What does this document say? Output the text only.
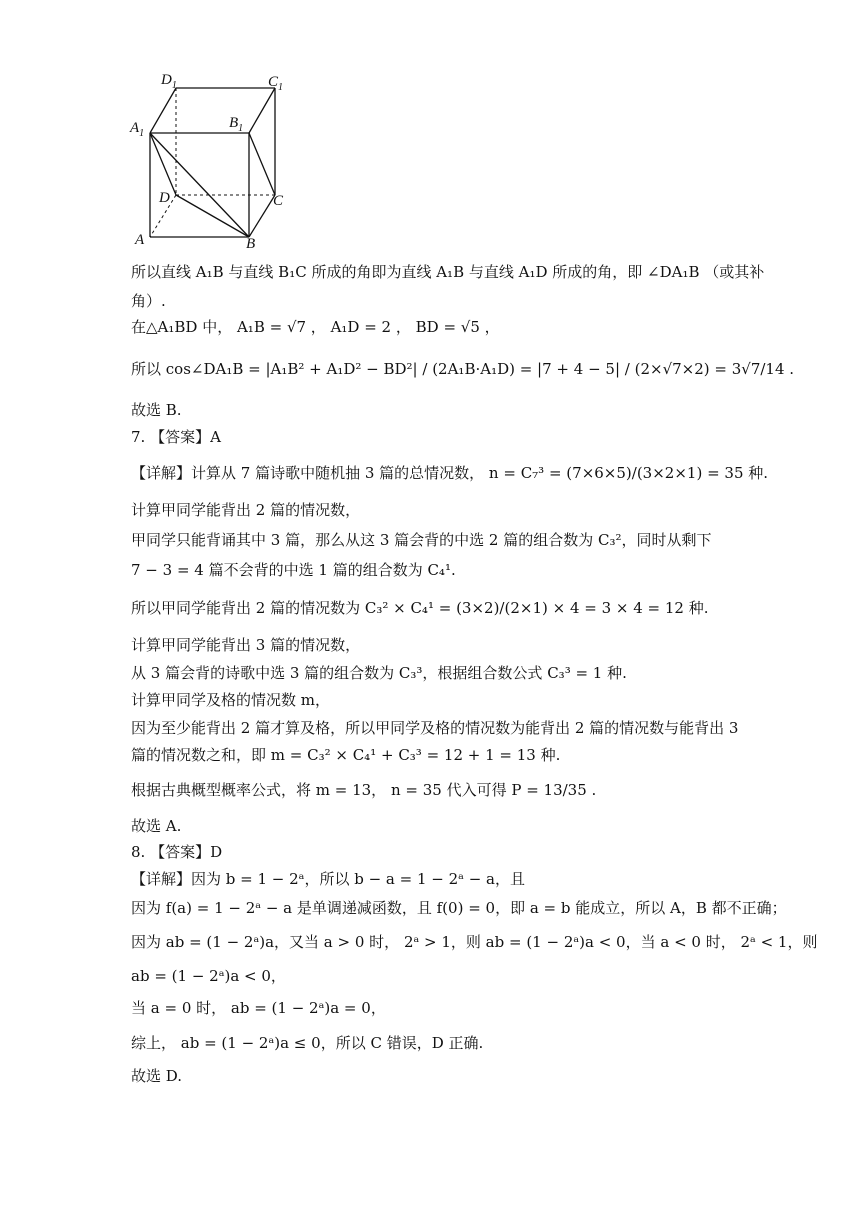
$D_1$	$C_1$
$A_1$
$B_1$
D	C
A	B
所以直线 A₁B 与直线 B₁C 所成的角即为直线 A₁B 与直线 A₁D 所成的角，即 ∠DA₁B （或其补
角）.
在△A₁BD 中， A₁B = √7 ， A₁D = 2 ， BD = √5 ，
所以 cos∠DA₁B = |A₁B² + A₁D² − BD²| / (2A₁B·A₁D) = |7 + 4 − 5| / (2×√7×2) = 3√7/14 .
故选 B.
7. 【答案】A
【详解】计算从 7 篇诗歌中随机抽 3 篇的总情况数， n = C₇³ = (7×6×5)/(3×2×1) = 35 种.
计算甲同学能背出 2 篇的情况数，
甲同学只能背诵其中 3 篇，那么从这 3 篇会背的中选 2 篇的组合数为 C₃²，同时从剩下
7 − 3 = 4 篇不会背的中选 1 篇的组合数为 C₄¹.
所以甲同学能背出 2 篇的情况数为 C₃² × C₄¹ = (3×2)/(2×1) × 4 = 3 × 4 = 12 种.
计算甲同学能背出 3 篇的情况数，
从 3 篇会背的诗歌中选 3 篇的组合数为 C₃³，根据组合数公式 C₃³ = 1 种.
计算甲同学及格的情况数 m，
因为至少能背出 2 篇才算及格，所以甲同学及格的情况数为能背出 2 篇的情况数与能背出 3
篇的情况数之和，即 m = C₃² × C₄¹ + C₃³ = 12 + 1 = 13 种.
根据古典概型概率公式，将 m = 13， n = 35 代入可得 P = 13/35 .
故选 A.
8. 【答案】D
【详解】因为 b = 1 − 2ᵃ，所以 b − a = 1 − 2ᵃ − a，且
因为 f(a) = 1 − 2ᵃ − a 是单调递减函数，且 f(0) = 0，即 a = b 能成立，所以 A，B 都不正确；
因为 ab = (1 − 2ᵃ)a，又当 a > 0 时， 2ᵃ > 1，则 ab = (1 − 2ᵃ)a < 0，当 a < 0 时， 2ᵃ < 1，则
ab = (1 − 2ᵃ)a < 0，
当 a = 0 时， ab = (1 − 2ᵃ)a = 0，
综上， ab = (1 − 2ᵃ)a ≤ 0，所以 C 错误，D 正确.
故选 D.
